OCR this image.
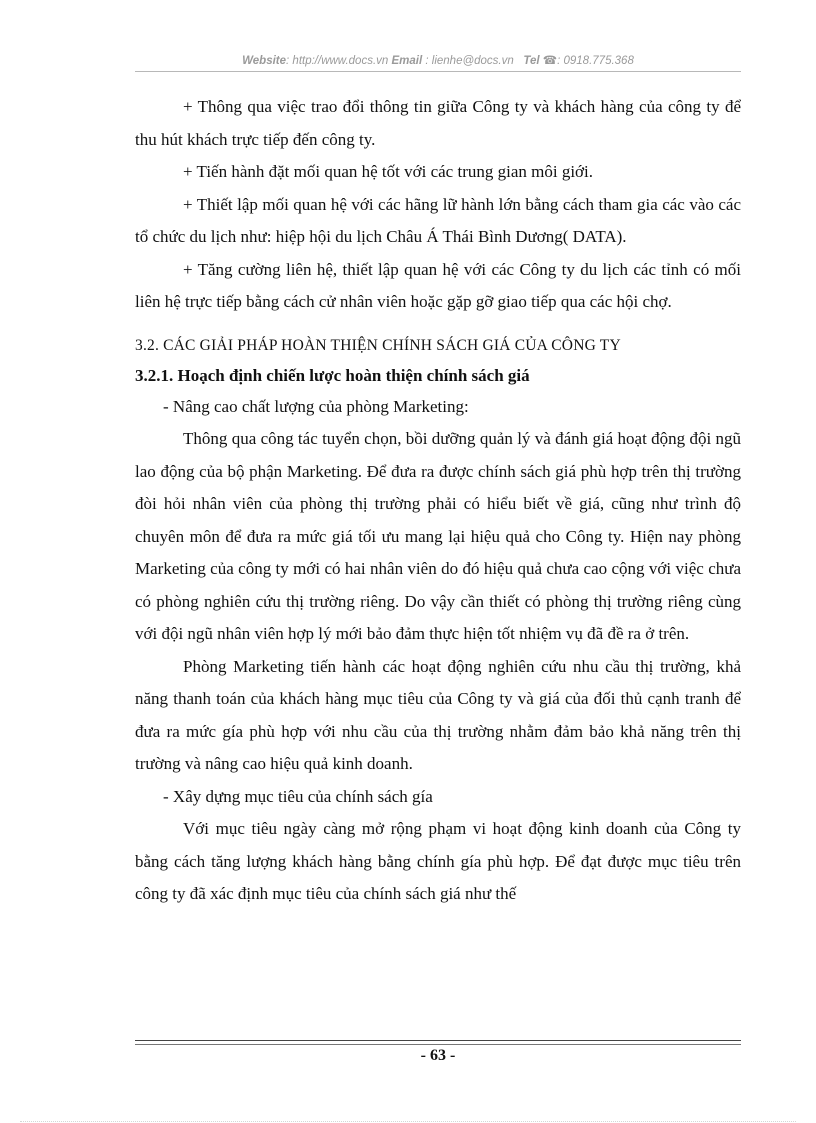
Website: http://www.docs.vn Email : lienhe@docs.vn Tel ☎: 0918.775.368

+ Thông qua việc trao đổi thông tin giữa Công ty và khách hàng của công ty để thu hút khách trực tiếp đến công ty.

+ Tiến hành đặt mối quan hệ tốt với các trung gian môi giới.

+ Thiết lập mối quan hệ với các hãng lữ hành lớn bằng cách tham gia các vào các tổ chức du lịch như: hiệp hội du lịch Châu Á Thái Bình Dương( DATA).

+ Tăng cường liên hệ, thiết lập quan hệ với các Công ty du lịch các tỉnh có mối liên hệ trực tiếp bằng cách cử nhân viên hoặc gặp gỡ giao tiếp qua các hội chợ.

3.2. CÁC GIẢI PHÁP HOÀN THIỆN CHÍNH SÁCH GIÁ CỦA CÔNG TY

3.2.1. Hoạch định chiến lược hoàn thiện chính sách giá

- Nâng cao chất lượng của phòng Marketing:

Thông qua công tác tuyển chọn, bồi dưỡng quản lý và đánh giá hoạt động đội ngũ lao động của bộ phận Marketing. Để đưa ra được chính sách giá phù hợp trên thị trường đòi hỏi nhân viên của phòng thị trường phải có hiểu biết về giá, cũng như trình độ chuyên môn để đưa ra mức giá tối ưu mang lại hiệu quả cho Công ty. Hiện nay phòng Marketing của công ty mới có hai nhân viên do đó hiệu quả chưa cao cộng với việc chưa có phòng nghiên cứu thị trường riêng. Do vậy cần thiết có phòng thị trường riêng cùng với đội ngũ nhân viên hợp lý mới bảo đảm thực hiện tốt nhiệm vụ đã đề ra ở trên.

Phòng Marketing tiến hành các hoạt động nghiên cứu nhu cầu thị trường, khả năng thanh toán của khách hàng mục tiêu của Công ty và giá của đối thủ cạnh tranh để đưa ra mức gía phù hợp với nhu cầu của thị trường nhằm đảm bảo khả năng trên thị trường và nâng cao hiệu quả kinh doanh.

- Xây dựng mục tiêu của chính sách gía

Với mục tiêu ngày càng mở rộng phạm vi hoạt động kinh doanh của Công ty bằng cách tăng lượng khách hàng bằng chính gía phù hợp. Để đạt được mục tiêu trên công ty đã xác định mục tiêu của chính sách giá như thế

- 63 -
